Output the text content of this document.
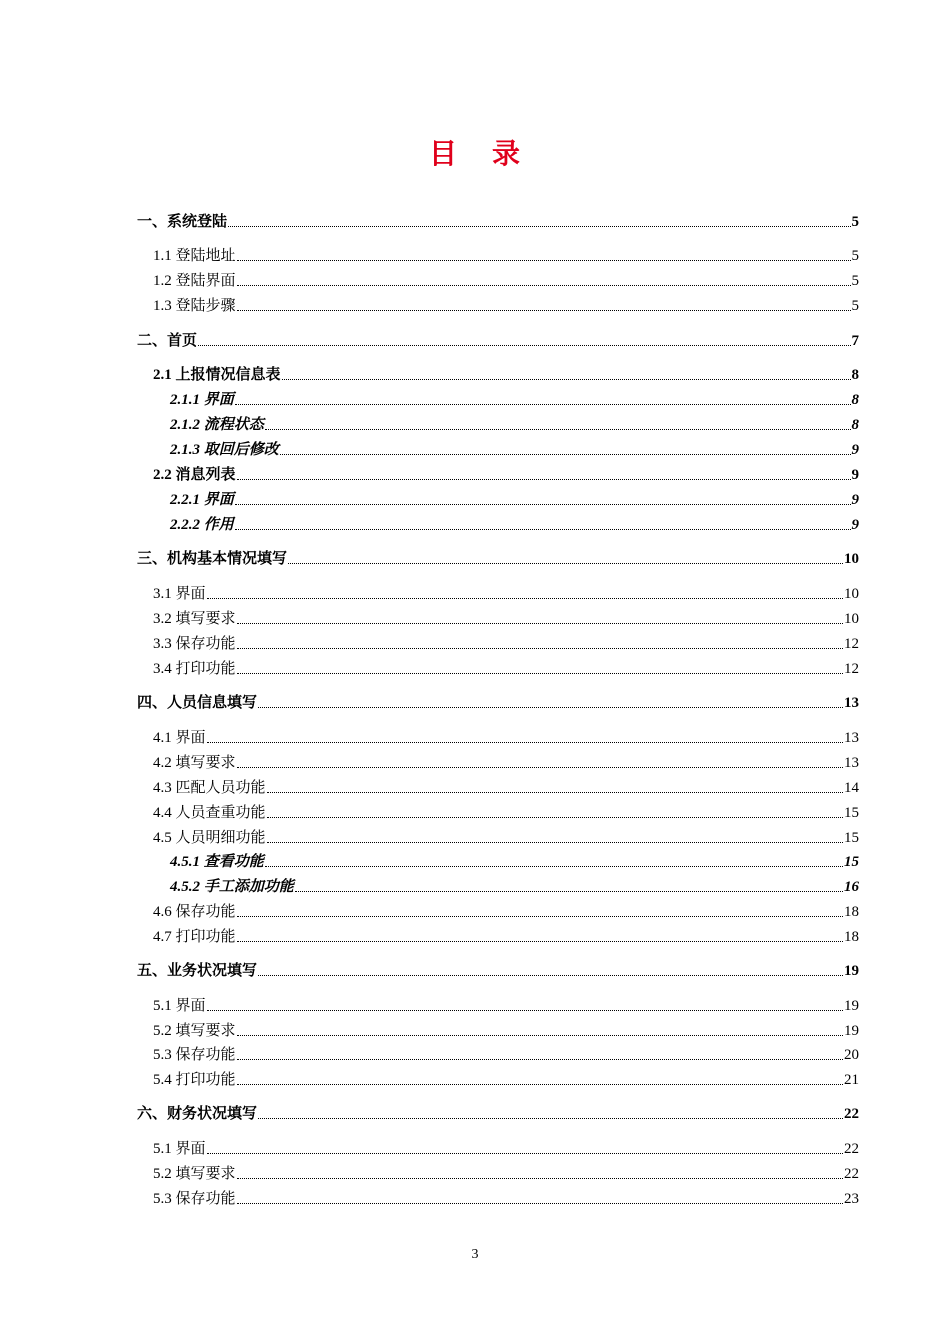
目 录
一、系统登陆	5
1.1 登陆地址	5
1.2 登陆界面	5
1.3 登陆步骤	5
二、首页	7
2.1 上报情况信息表	8
2.1.1 界面	8
2.1.2 流程状态	8
2.1.3 取回后修改	9
2.2 消息列表	9
2.2.1 界面	9
2.2.2 作用	9
三、机构基本情况填写	10
3.1 界面	10
3.2 填写要求	10
3.3 保存功能	12
3.4 打印功能	12
四、人员信息填写	13
4.1 界面	13
4.2 填写要求	13
4.3 匹配人员功能	14
4.4 人员查重功能	15
4.5 人员明细功能	15
4.5.1 查看功能	15
4.5.2 手工添加功能	16
4.6 保存功能	18
4.7 打印功能	18
五、业务状况填写	19
5.1 界面	19
5.2 填写要求	19
5.3 保存功能	20
5.4 打印功能	21
六、财务状况填写	22
5.1 界面	22
5.2 填写要求	22
5.3 保存功能	23
3
